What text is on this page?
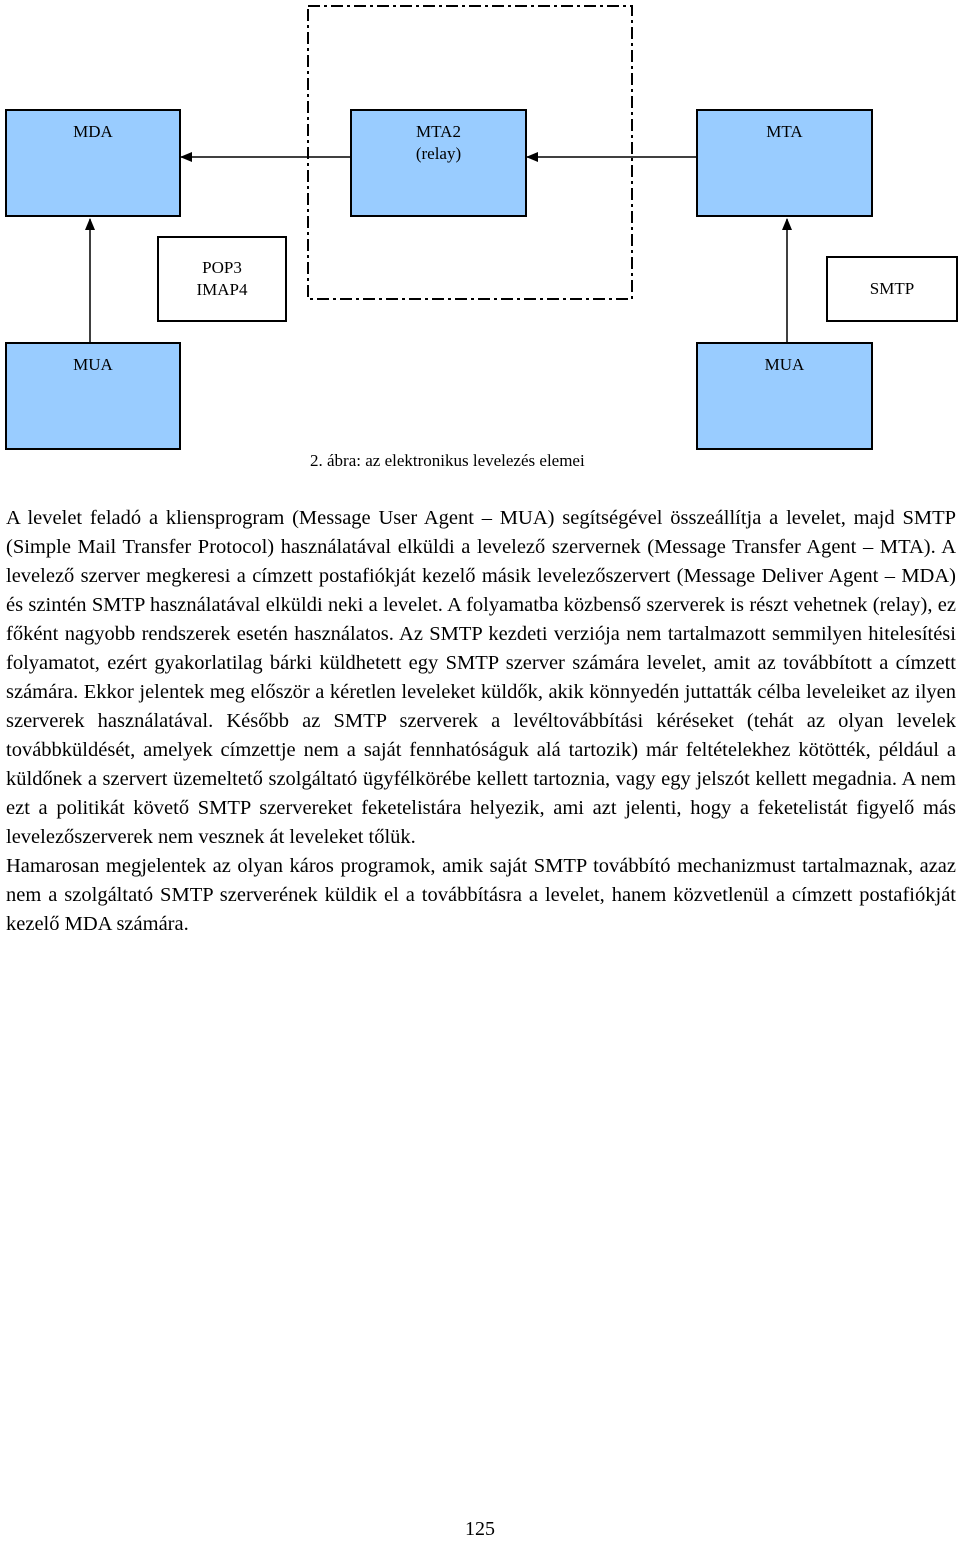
MDA	MTA2
(relay)
MTA
POP3
IMAP4	SMTP
MUA	MUA
2. ábra: az elektronikus levelezés elemei

A levelet feladó a kliensprogram (Message User Agent – MUA) segítségével összeállítja a levelet, majd SMTP (Simple Mail Transfer Protocol) használatával elküldi a levelező szervernek (Message Transfer Agent – MTA). A levelező szerver megkeresi a címzett postafiókját kezelő másik levelezőszervert (Message Deliver Agent – MDA) és szintén SMTP használatával elküldi neki a levelet. A folyamatba közbenső szerverek is részt vehetnek (relay), ez főként nagyobb rendszerek esetén használatos. Az SMTP kezdeti verziója nem tartalmazott semmilyen hitelesítési folyamatot, ezért gyakorlatilag bárki küldhetett egy SMTP szerver számára levelet, amit az továbbított a címzett számára. Ekkor jelentek meg először a kéretlen leveleket küldők, akik könnyedén juttatták célba leveleiket az ilyen szerverek használatával. Később az SMTP szerverek a levéltovábbítási kéréseket (tehát az olyan levelek továbbküldését, amelyek címzettje nem a saját fennhatóságuk alá tartozik) már feltételekhez kötötték, például a küldőnek a szervert üzemeltető szolgáltató ügyfélkörébe kellett tartoznia, vagy egy jelszót kellett megadnia. A nem ezt a politikát követő SMTP szervereket feketelistára helyezik, ami azt jelenti, hogy a feketelistát figyelő más levelezőszerverek nem vesznek át leveleket tőlük.

Hamarosan megjelentek az olyan káros programok, amik saját SMTP továbbító mechanizmust tartalmaznak, azaz nem a szolgáltató SMTP szerverének küldik el a továbbításra a levelet, hanem közvetlenül a címzett postafiókját kezelő MDA számára.

125
